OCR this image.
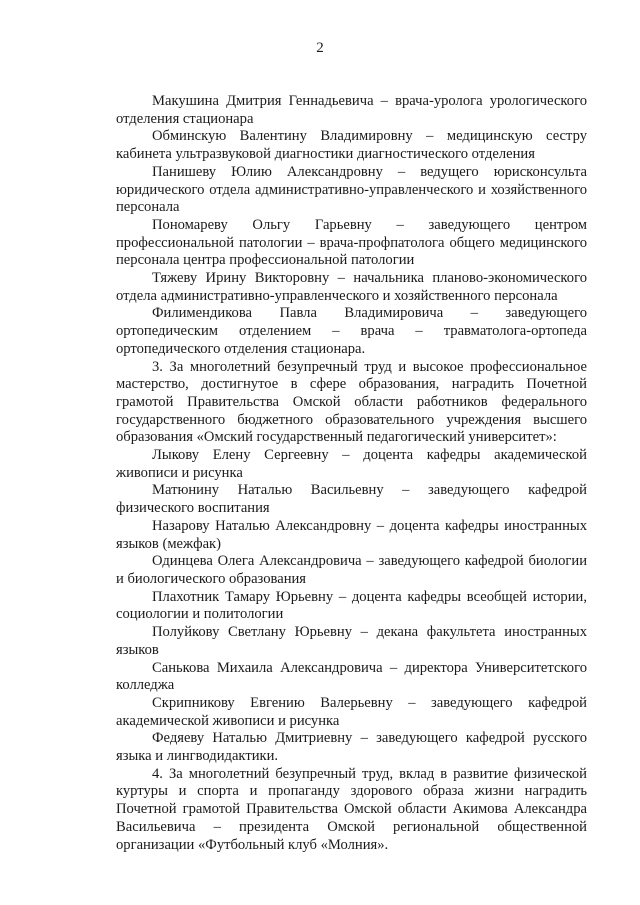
2

Макушина Дмитрия Геннадьевича – врача-уролога урологического отделения стационара

Обминскую Валентину Владимировну – медицинскую сестру кабинета ультразвуковой диагностики диагностического отделения

Панишеву Юлию Александровну – ведущего юрисконсульта юридического отдела административно-управленческого и хозяйственного персонала

Пономареву Ольгу Гарьевну – заведующего центром профессиональной патологии – врача-профпатолога общего медицинского персонала центра профессиональной патологии

Тяжеву Ирину Викторовну – начальника планово-экономического отдела административно-управленческого и хозяйственного персонала

Филимендикова Павла Владимировича – заведующего ортопедическим отделением – врача – травматолога-ортопеда ортопедического отделения стационара.

3. За многолетний безупречный труд и высокое профессиональное мастерство, достигнутое в сфере образования, наградить Почетной грамотой Правительства Омской области работников федерального государственного бюджетного образовательного учреждения высшего образования «Омский государственный педагогический университет»:

Лыкову Елену Сергеевну – доцента кафедры академической живописи и рисунка

Матюнину Наталью Васильевну – заведующего кафедрой физического воспитания

Назарову Наталью Александровну – доцента кафедры иностранных языков (межфак)

Одинцева Олега Александровича – заведующего кафедрой биологии и биологического образования

Плахотник Тамару Юрьевну – доцента кафедры всеобщей истории, социологии и политологии

Полуйкову Светлану Юрьевну – декана факультета иностранных языков

Санькова Михаила Александровича – директора Университетского колледжа

Скрипникову Евгению Валерьевну – заведующего кафедрой академической живописи и рисунка

Федяеву Наталью Дмитриевну – заведующего кафедрой русского языка и лингводидактики.

4. За многолетний безупречный труд, вклад в развитие физической куртуры и спорта и пропаганду здорового образа жизни наградить Почетной грамотой Правительства Омской области Акимова Александра Васильевича – президента Омской региональной общественной организации «Футбольный клуб «Молния».
